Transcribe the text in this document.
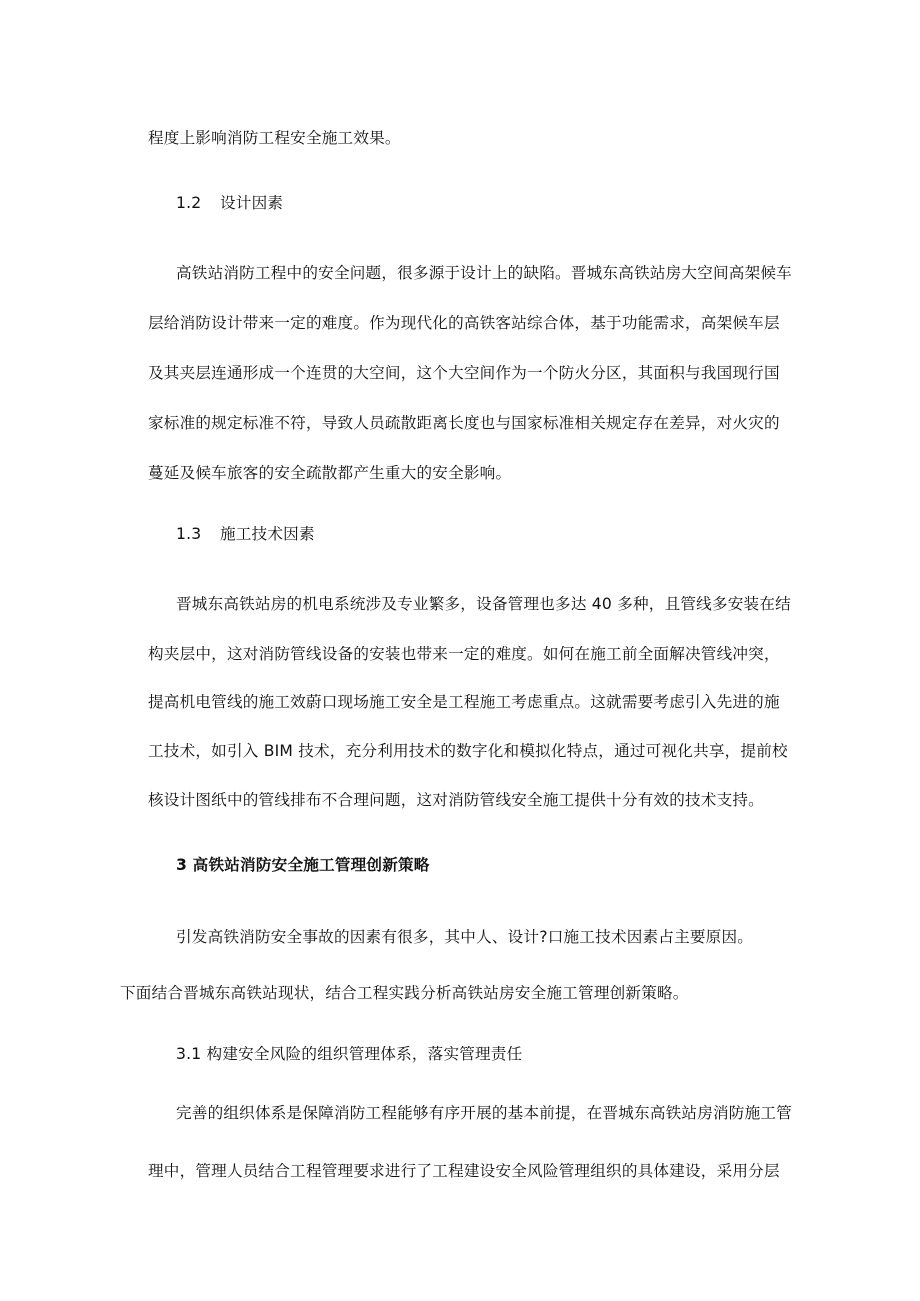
程度上影响消防工程安全施工效果。
1.2 设计因素
高铁站消防工程中的安全问题，很多源于设计上的缺陷。晋城东高铁站房大空间高架候车
层给消防设计带来一定的难度。作为现代化的高铁客站综合体，基于功能需求，高架候车层
及其夹层连通形成一个连贯的大空间，这个大空间作为一个防火分区，其面积与我国现行国
家标准的规定标准不符，导致人员疏散距离长度也与国家标准相关规定存在差异，对火灾的
蔓延及候车旅客的安全疏散都产生重大的安全影响。
1.3 施工技术因素
晋城东高铁站房的机电系统涉及专业繁多，设备管理也多达 40 多种，且管线多安装在结
构夹层中，这对消防管线设备的安装也带来一定的难度。如何在施工前全面解决管线冲突，
提高机电管线的施工效蔚口现场施工安全是工程施工考虑重点。这就需要考虑引入先进的施
工技术，如引入 BIM 技术，充分利用技术的数字化和模拟化特点，通过可视化共享，提前校
核设计图纸中的管线排布不合理问题，这对消防管线安全施工提供十分有效的技术支持。
3 高铁站消防安全施工管理创新策略
引发高铁消防安全事故的因素有很多，其中人、设计?口施工技术因素占主要原因。
下面结合晋城东高铁站现状，结合工程实践分析高铁站房安全施工管理创新策略。
3.1 构建安全风险的组织管理体系，落实管理责任
完善的组织体系是保障消防工程能够有序开展的基本前提，在晋城东高铁站房消防施工管
理中，管理人员结合工程管理要求进行了工程建设安全风险管理组织的具体建设，采用分层
